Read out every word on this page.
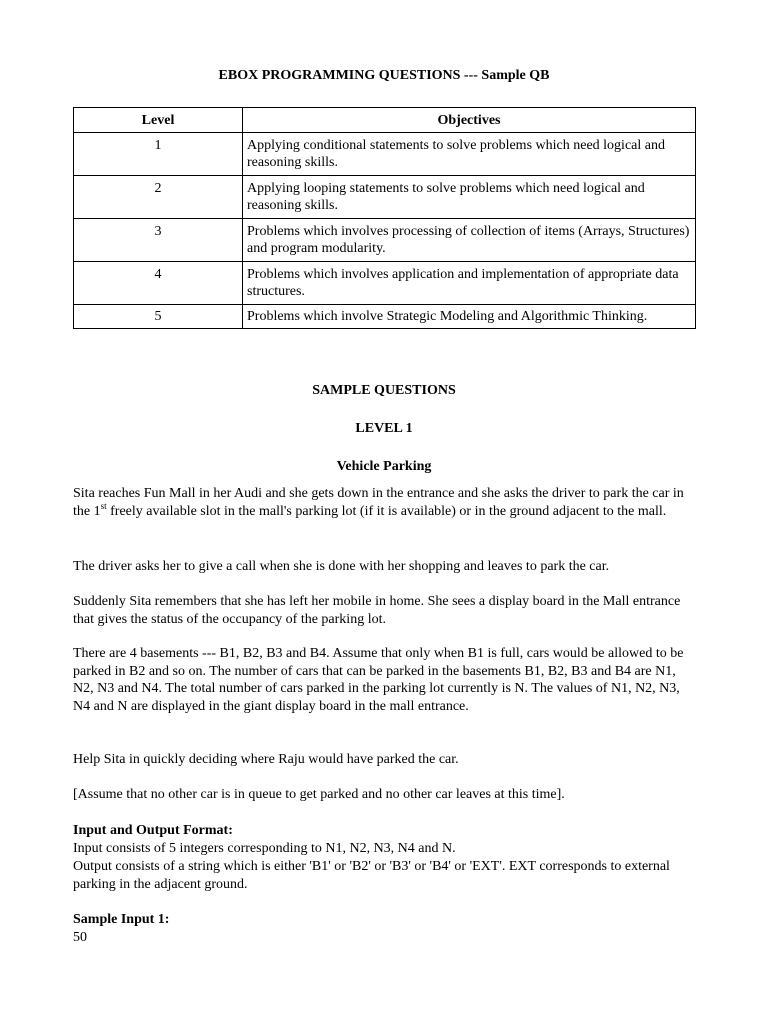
EBOX PROGRAMMING QUESTIONS --- Sample QB
Level	Objectives
1	Applying conditional statements to solve problems which need logical and reasoning skills.
2	Applying looping statements to solve problems which need logical and reasoning skills.
3	Problems which involves processing of collection of items (Arrays, Structures) and program modularity.
4	Problems which involves application and implementation of appropriate data structures.
5	Problems which involve Strategic Modeling and Algorithmic Thinking.
SAMPLE QUESTIONS
LEVEL 1
Vehicle Parking

Sita reaches Fun Mall in her Audi and she gets down in the entrance and she asks the driver to park the car in the 1st freely available slot in the mall's parking lot (if it is available) or in the ground adjacent to the mall.

The driver asks her to give a call when she is done with her shopping and leaves to park the car.

Suddenly Sita remembers that she has left her mobile in home. She sees a display board in the Mall entrance that gives the status of the occupancy of the parking lot.

There are 4 basements --- B1, B2, B3 and B4. Assume that only when B1 is full, cars would be allowed to be parked in B2 and so on. The number of cars that can be parked in the basements B1, B2, B3 and B4 are N1, N2, N3 and N4. The total number of cars parked in the parking lot currently is N. The values of N1, N2, N3, N4 and N are displayed in the giant display board in the mall entrance.

Help Sita in quickly deciding where Raju would have parked the car.

[Assume that no other car is in queue to get parked and no other car leaves at this time].

Input and Output Format:

Input consists of 5 integers corresponding to N1, N2, N3, N4 and N.

Output consists of a string which is either 'B1' or 'B2' or 'B3' or 'B4' or 'EXT'. EXT corresponds to external parking in the adjacent ground.

Sample Input 1:

50
